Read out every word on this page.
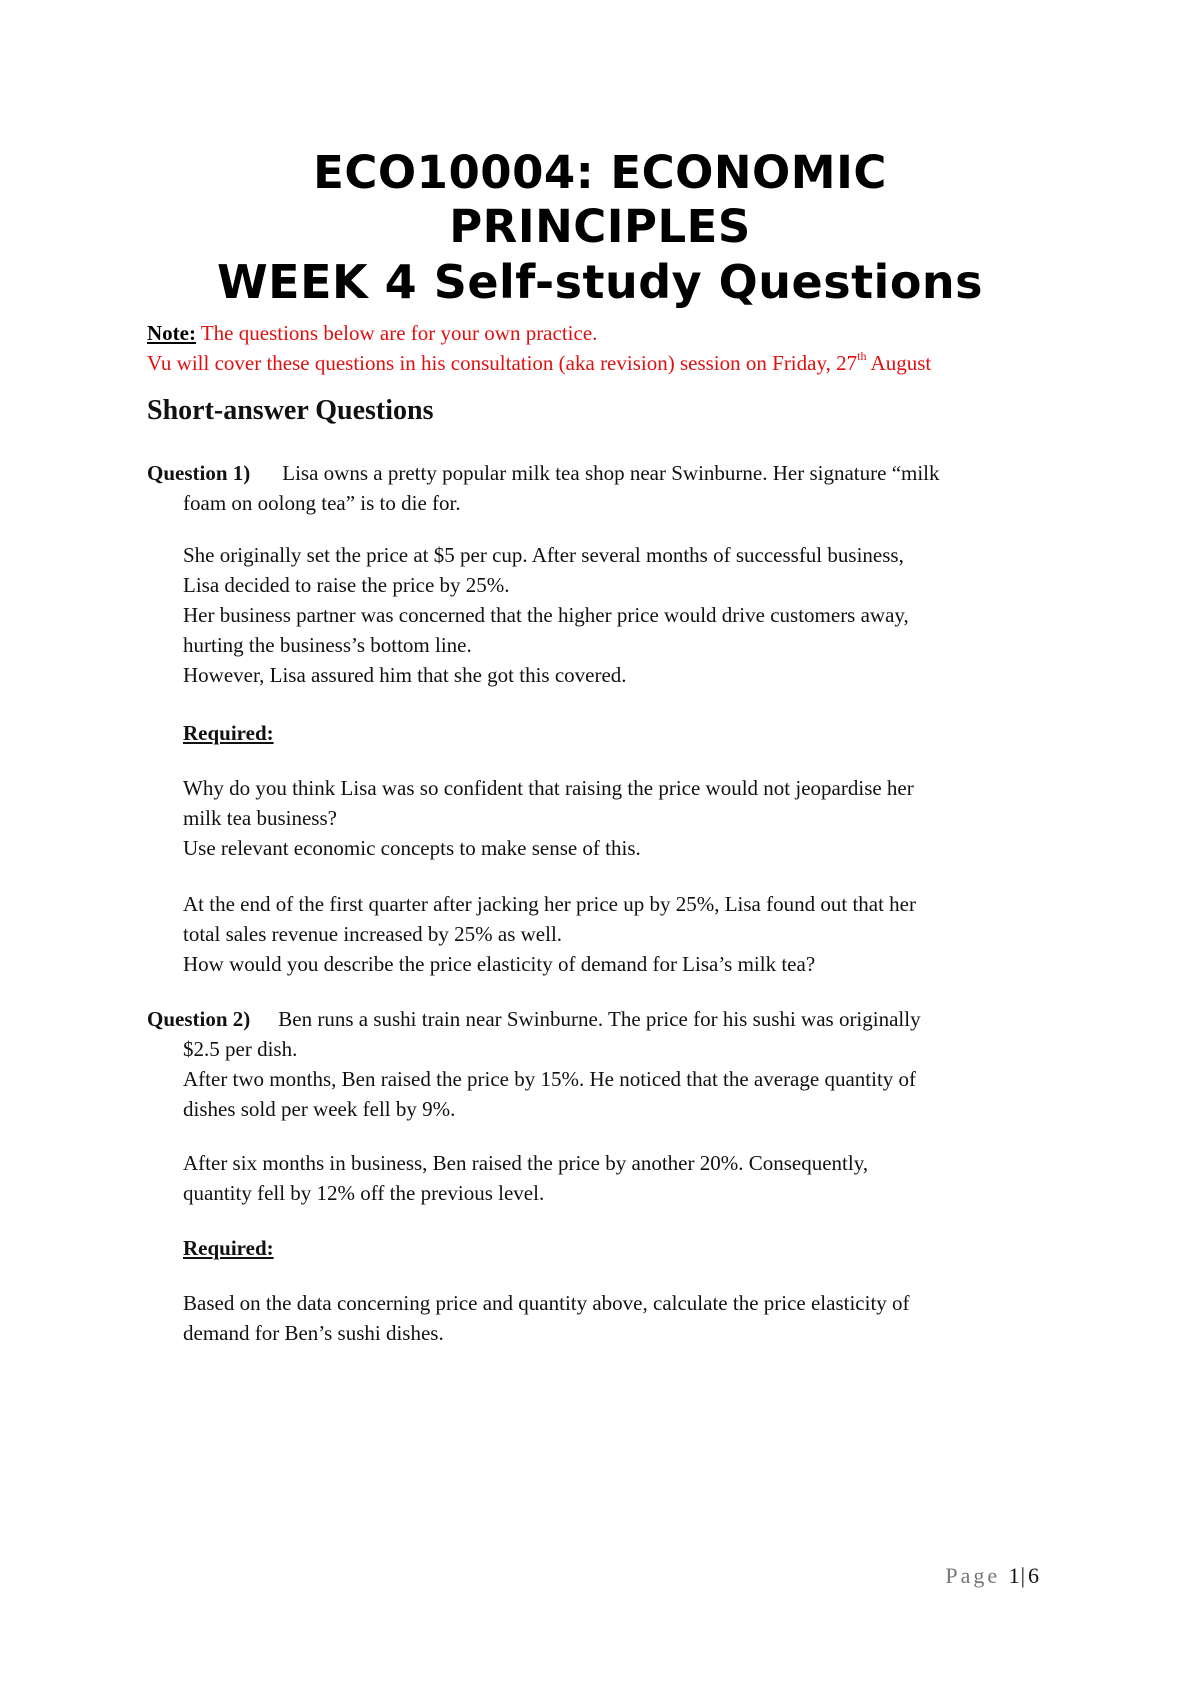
ECO10004: ECONOMIC
PRINCIPLES
WEEK 4 Self-study Questions
Note: The questions below are for your own practice.
Vu will cover these questions in his consultation (aka revision) session on Friday, 27th August
Short-answer Questions
Question 1) Lisa owns a pretty popular milk tea shop near Swinburne. Her signature “milk
foam on oolong tea” is to die for.
She originally set the price at $5 per cup. After several months of successful business,
Lisa decided to raise the price by 25%.
Her business partner was concerned that the higher price would drive customers away,
hurting the business’s bottom line.
However, Lisa assured him that she got this covered.
Required:
Why do you think Lisa was so confident that raising the price would not jeopardise her
milk tea business?
Use relevant economic concepts to make sense of this.
At the end of the first quarter after jacking her price up by 25%, Lisa found out that her
total sales revenue increased by 25% as well.
How would you describe the price elasticity of demand for Lisa’s milk tea?
Question 2) Ben runs a sushi train near Swinburne. The price for his sushi was originally
$2.5 per dish.
After two months, Ben raised the price by 15%. He noticed that the average quantity of
dishes sold per week fell by 9%.
After six months in business, Ben raised the price by another 20%. Consequently,
quantity fell by 12% off the previous level.
Required:
Based on the data concerning price and quantity above, calculate the price elasticity of
demand for Ben’s sushi dishes.
Page 1|6
